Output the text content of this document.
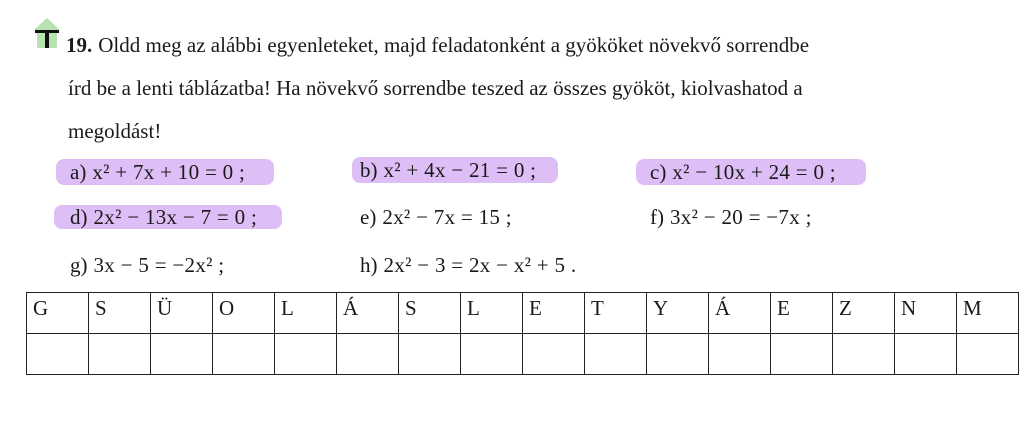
19. Oldd meg az alábbi egyenleteket, majd feladatonként a gyököket növekvő sorrendbe
írd be a lenti táblázatba! Ha növekvő sorrendbe teszed az összes gyököt, kiolvashatod a
megoldást!

a) x² + 7x + 10 = 0 ;	b) x² + 4x − 21 = 0 ;	c) x² − 10x + 24 = 0 ;
d) 2x² − 13x − 7 = 0 ;	e) 2x² − 7x = 15 ;	f) 3x² − 20 = −7x ;
g) 3x − 5 = −2x² ;	h) 2x² − 3 = 2x − x² + 5 .
G	S	Ü	O	L	Á	S	L	E	T	Y	Á	E	Z	N	M
